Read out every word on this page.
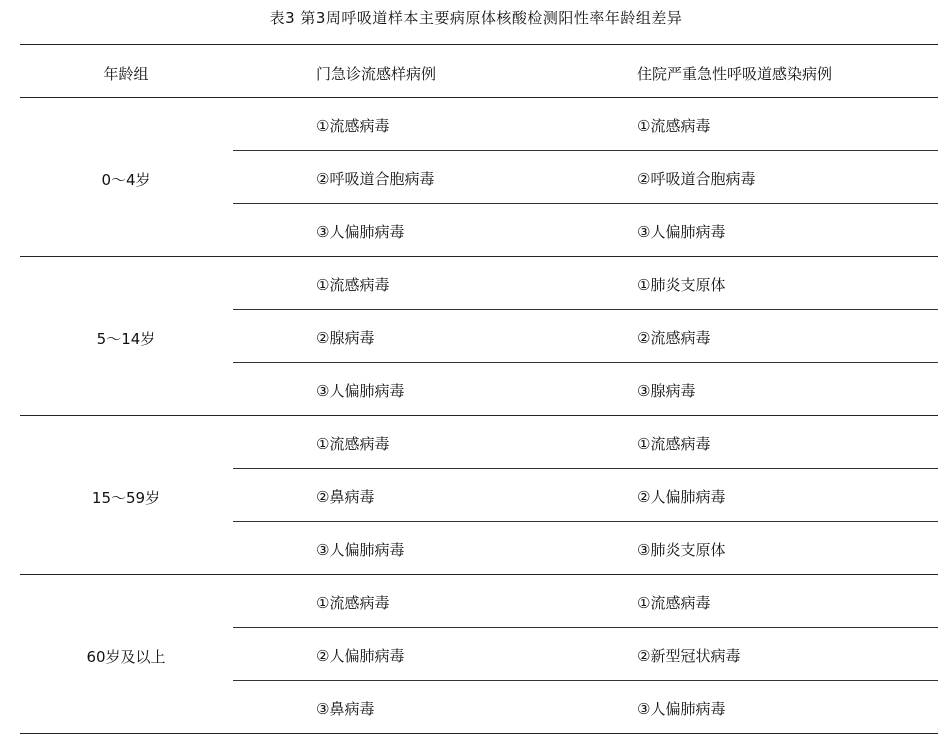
表3 第3周呼吸道样本主要病原体核酸检测阳性率年龄组差异
年龄组	门急诊流感样病例	住院严重急性呼吸道感染病例
0～4岁
①流感病毒	①流感病毒
②呼吸道合胞病毒	②呼吸道合胞病毒
③人偏肺病毒	③人偏肺病毒
5～14岁
①流感病毒	①肺炎支原体
②腺病毒	②流感病毒
③人偏肺病毒	③腺病毒
15～59岁
①流感病毒	①流感病毒
②鼻病毒	②人偏肺病毒
③人偏肺病毒	③肺炎支原体
60岁及以上
①流感病毒	①流感病毒
②人偏肺病毒	②新型冠状病毒
③鼻病毒	③人偏肺病毒
